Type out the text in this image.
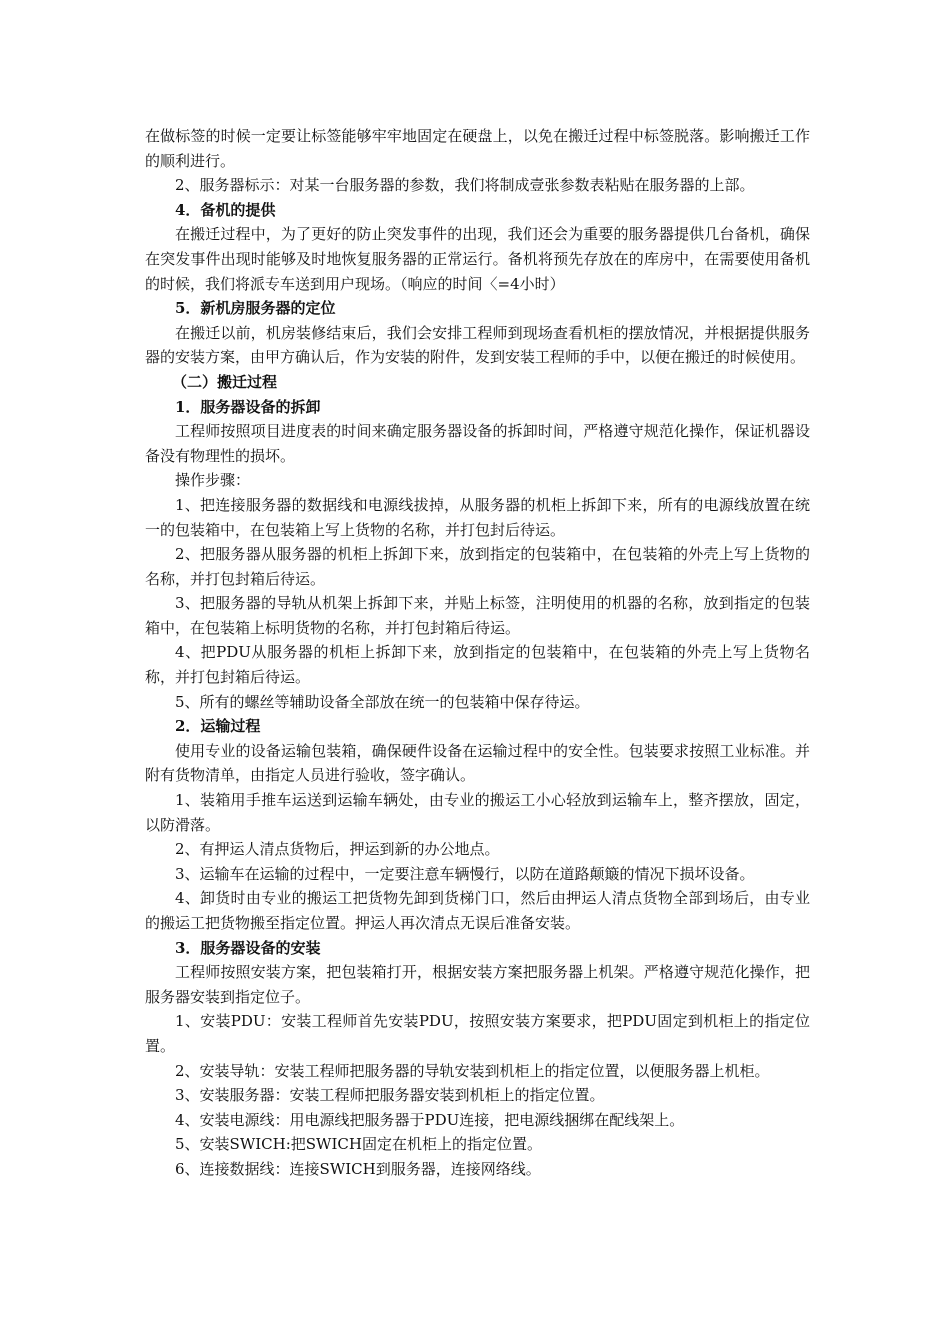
在做标签的时候一定要让标签能够牢牢地固定在硬盘上，以免在搬迁过程中标签脱落。影响搬迁工作的顺利进行。

2、服务器标示：对某一台服务器的参数，我们将制成壹张参数表粘贴在服务器的上部。

4．备机的提供

在搬迁过程中，为了更好的防止突发事件的出现，我们还会为重要的服务器提供几台备机，确保在突发事件出现时能够及时地恢复服务器的正常运行。备机将预先存放在的库房中，在需要使用备机的时候，我们将派专车送到用户现场。（响应的时间〈=4小时）

5．新机房服务器的定位

在搬迁以前，机房装修结束后，我们会安排工程师到现场查看机柜的摆放情况，并根据提供服务器的安装方案，由甲方确认后，作为安装的附件，发到安装工程师的手中，以便在搬迁的时候使用。

（二）搬迁过程

1．服务器设备的拆卸

工程师按照项目进度表的时间来确定服务器设备的拆卸时间，严格遵守规范化操作，保证机器设备没有物理性的损坏。

操作步骤：

1、把连接服务器的数据线和电源线拔掉，从服务器的机柜上拆卸下来，所有的电源线放置在统一的包装箱中，在包装箱上写上货物的名称，并打包封后待运。

2、把服务器从服务器的机柜上拆卸下来，放到指定的包装箱中，在包装箱的外壳上写上货物的名称，并打包封箱后待运。

3、把服务器的导轨从机架上拆卸下来，并贴上标签，注明使用的机器的名称，放到指定的包装箱中，在包装箱上标明货物的名称，并打包封箱后待运。

4、把PDU从服务器的机柜上拆卸下来，放到指定的包装箱中，在包装箱的外壳上写上货物名称，并打包封箱后待运。

5、所有的螺丝等辅助设备全部放在统一的包装箱中保存待运。

2．运输过程

使用专业的设备运输包装箱，确保硬件设备在运输过程中的安全性。包装要求按照工业标准。并附有货物清单，由指定人员进行验收，签字确认。

1、装箱用手推车运送到运输车辆处，由专业的搬运工小心轻放到运输车上，整齐摆放，固定，以防滑落。

2、有押运人清点货物后，押运到新的办公地点。

3、运输车在运输的过程中，一定要注意车辆慢行，以防在道路颠簸的情况下损坏设备。

4、卸货时由专业的搬运工把货物先卸到货梯门口，然后由押运人清点货物全部到场后，由专业的搬运工把货物搬至指定位置。押运人再次清点无误后准备安装。

3．服务器设备的安装

工程师按照安装方案，把包装箱打开，根据安装方案把服务器上机架。严格遵守规范化操作，把服务器安装到指定位子。

1、安装PDU：安装工程师首先安装PDU，按照安装方案要求，把PDU固定到机柜上的指定位置。

2、安装导轨：安装工程师把服务器的导轨安装到机柜上的指定位置，以便服务器上机柜。

3、安装服务器：安装工程师把服务器安装到机柜上的指定位置。

4、安装电源线：用电源线把服务器于PDU连接，把电源线捆绑在配线架上。

5、安装SWICH:把SWICH固定在机柜上的指定位置。

6、连接数据线：连接SWICH到服务器，连接网络线。
